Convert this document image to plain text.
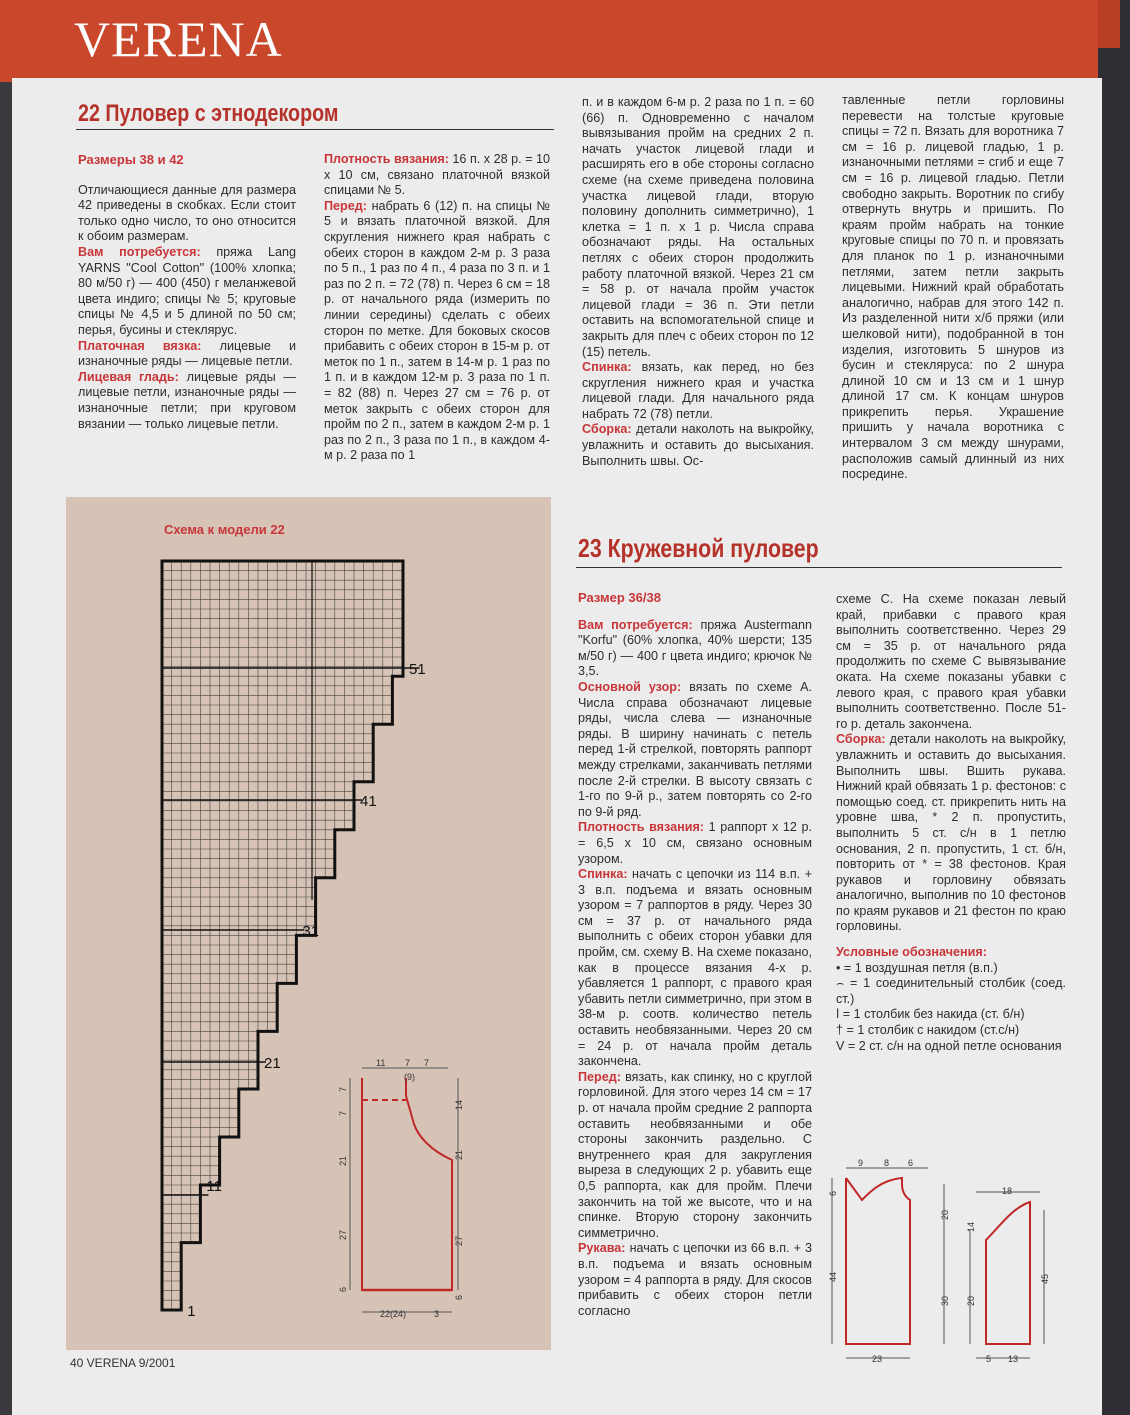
VERENA
22 Пуловер с этнодекором

Размеры 38 и 42

Отличающиеся данные для размера 42 приведены в скобках. Если стоит только одно число, то оно относится к обоим размерам.

Вам потребуется: пряжа Lang YARNS "Cool Cotton" (100% хлопка; 80 м/50 г) — 400 (450) г меланжевой цвета индиго; спицы № 5; круговые спицы № 4,5 и 5 длиной по 50 см; перья, бусины и стеклярус.

Платочная вязка: лицевые и изнаночные ряды — лицевые петли.

Лицевая гладь: лицевые ряды — лицевые петли, изнаночные ряды — изнаночные петли; при круговом вязании — только лицевые петли.

Плотность вязания: 16 п. х 28 р. = 10 х 10 см, связано платочной вязкой спицами № 5.

Перед: набрать 6 (12) п. на спицы № 5 и вязать платочной вязкой. Для скругления нижнего края набрать с обеих сторон в каждом 2-м р. 3 раза по 5 п., 1 раз по 4 п., 4 раза по 3 п. и 1 раз по 2 п. = 72 (78) п. Через 6 см = 18 р. от начального ряда (измерить по линии середины) сделать с обеих сторон по метке. Для боковых скосов прибавить с обеих сторон в 15-м р. от меток по 1 п., затем в 14-м р. 1 раз по 1 п. и в каждом 12-м р. 3 раза по 1 п. = 82 (88) п. Через 27 см = 76 р. от меток закрыть с обеих сторон для пройм по 2 п., затем в каждом 2-м р. 1 раз по 2 п., 3 раза по 1 п., в каждом 4-м р. 2 раза по 1

п. и в каждом 6-м р. 2 раза по 1 п. = 60 (66) п. Одновременно с началом вывязывания пройм на средних 2 п. начать участок лицевой глади и расширять его в обе стороны согласно схеме (на схеме приведена половина участка лицевой глади, вторую половину дополнить симметрично), 1 клетка = 1 п. х 1 р. Числа справа обозначают ряды. На остальных петлях с обеих сторон продолжить работу платочной вязкой. Через 21 см = 58 р. от начала пройм участок лицевой глади = 36 п. Эти петли оставить на вспомогательной спице и закрыть для плеч с обеих сторон по 12 (15) петель.

Спинка: вязать, как перед, но без скругления нижнего края и участка лицевой глади. Для начального ряда набрать 72 (78) петли.

Сборка: детали наколоть на выкройку, увлажнить и оставить до высыхания. Выполнить швы. Ос-

тавленные петли горловины перевести на толстые круговые спицы = 72 п. Вязать для воротника 7 см = 16 р. лицевой гладью, 1 р. изнаночными петлями = сгиб и еще 7 см = 16 р. лицевой гладью. Петли свободно закрыть. Воротник по сгибу отвернуть внутрь и пришить. По краям пройм набрать на тонкие круговые спицы по 70 п. и провязать для планок по 1 р. изнаночными петлями, затем петли закрыть лицевыми. Нижний край обработать аналогично, набрав для этого 142 п. Из разделенной нити х/б пряжи (или шелковой нити), подобранной в тон изделия, изготовить 5 шнуров из бусин и стекляруса: по 2 шнура длиной 10 см и 13 см и 1 шнур длиной 17 см. К концам шнуров прикрепить перья. Украшение пришить у начала воротника с интервалом 3 см между шнурами, расположив самый длинный из них посредине.

Схема к модели 22
51
41
31
21
11
1
11 7 7
(9)
7
7
21
27
6
14
21
27
6
22(24)	3
9 8 6
6
20
44
30
23
18
14
20
45
5 13
23 Кружевной пуловер

Размер 36/38

Вам потребуется: пряжа Austermann "Korfu" (60% хлопка, 40% шерсти; 135 м/50 г) — 400 г цвета индиго; крючок № 3,5.

Основной узор: вязать по схеме A. Числа справа обозначают лицевые ряды, числа слева — изнаночные ряды. В ширину начинать с петель перед 1-й стрелкой, повторять раппорт между стрелками, заканчивать петлями после 2-й стрелки. В высоту связать с 1-го по 9-й р., затем повторять со 2-го по 9-й ряд.

Плотность вязания: 1 раппорт х 12 р. = 6,5 х 10 см, связано основным узором.

Спинка: начать с цепочки из 114 в.п. + 3 в.п. подъема и вязать основным узором = 7 раппортов в ряду. Через 30 см = 37 р. от начального ряда выполнить с обеих сторон убавки для пройм, см. схему B. На схеме показано, как в процессе вязания 4-х р. убавляется 1 раппорт, с правого края убавить петли симметрично, при этом в 38-м р. соотв. количество петель оставить необвязанными. Через 20 см = 24 р. от начала пройм деталь закончена.

Перед: вязать, как спинку, но с круглой горловиной. Для этого через 14 см = 17 р. от начала пройм средние 2 раппорта оставить необвязанными и обе стороны закончить раздельно. С внутреннего края для закругления выреза в следующих 2 р. убавить еще 0,5 раппорта, как для пройм. Плечи закончить на той же высоте, что и на спинке. Вторую сторону закончить симметрично.

Рукава: начать с цепочки из 66 в.п. + 3 в.п. подъема и вязать основным узором = 4 раппорта в ряду. Для скосов прибавить с обеих сторон петли согласно

схеме C. На схеме показан левый край, прибавки с правого края выполнить соответственно. Через 29 см = 35 р. от начального ряда продолжить по схеме C вывязывание оката. На схеме показаны убавки с левого края, с правого края убавки выполнить соответственно. После 51-го р. деталь закончена.

Сборка: детали наколоть на выкройку, увлажнить и оставить до высыхания. Выполнить швы. Вшить рукава. Нижний край обвязать 1 р. фестонов: с помощью соед. ст. прикрепить нить на уровне шва, * 2 п. пропустить, выполнить 5 ст. с/н в 1 петлю основания, 2 п. пропустить, 1 ст. б/н, повторить от * = 38 фестонов. Края рукавов и горловину обвязать аналогично, выполнив по 10 фестонов по краям рукавов и 21 фестон по краю горловины.

Условные обозначения:

• = 1 воздушная петля (в.п.)
⌢ = 1 соединительный столбик (соед. ст.)
ǀ = 1 столбик без накида (ст. б/н)
† = 1 столбик с накидом (ст.с/н)
V = 2 ст. с/н на одной петле основания
40 VERENA 9/2001
